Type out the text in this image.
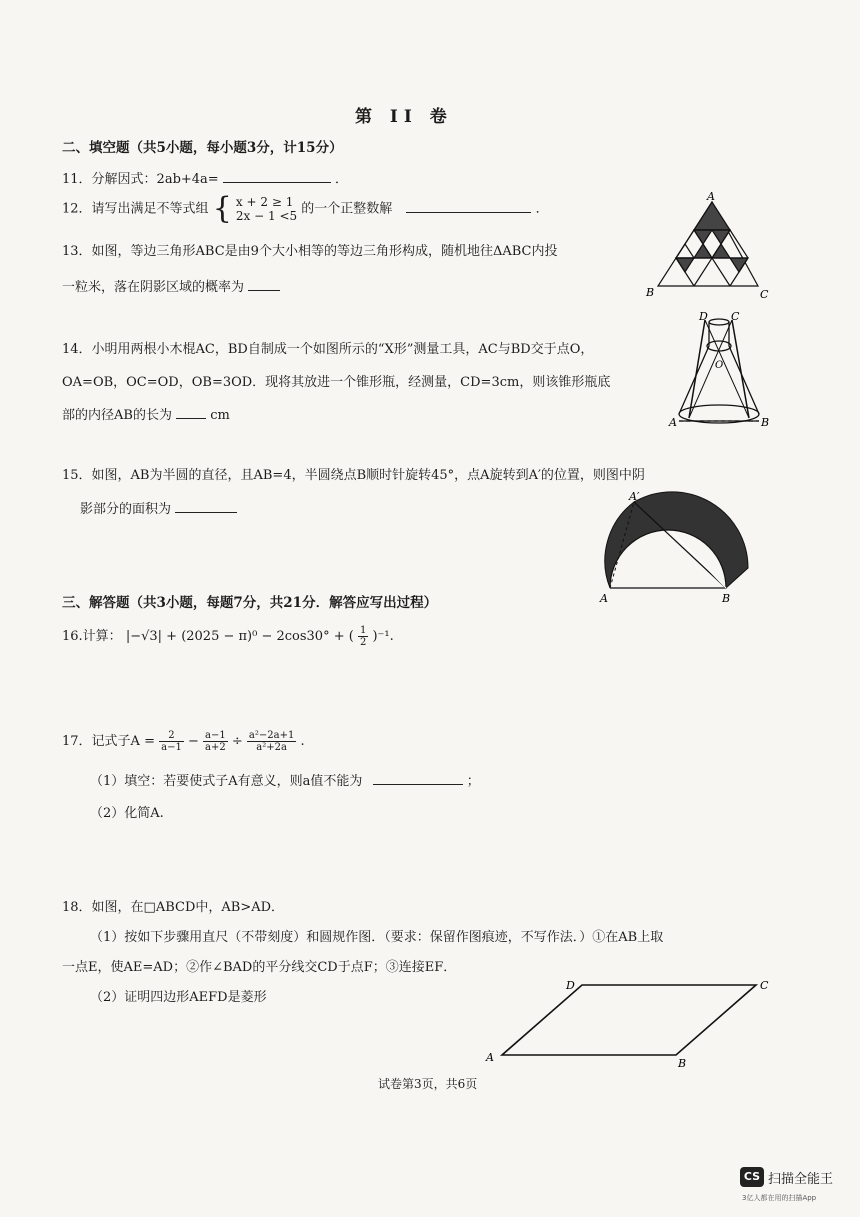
第 II 卷
二、填空题（共5小题，每小题3分，计15分）
11．分解因式：2ab+4a=	．
12．请写出满足不等式组 { x + 2 ≥ 1
2x − 1 <5 的一个正整数解	．
13．如图，等边三角形ABC是由9个大小相等的等边三角形构成，随机地往ΔABC内投
一粒米，落在阴影区域的概率为
A
B	C
14．小明用两根小木棍AC，BD自制成一个如图所示的“X形”测量工具，AC与BD交于点O，
OA=OB，OC=OD，OB=3OD．现将其放进一个锥形瓶，经测量，CD=3cm，则该锥形瓶底
部的内径AB的长为	cm
D C
O
A	B
15．如图，AB为半圆的直径，且AB=4，半圆绕点B顺时针旋转45°，点A旋转到A′的位置，则图中阴
影部分的面积为
A′
A	B
三、解答题（共3小题，每题7分，共21分．解答应写出过程）
16.计算： |−√3| + (2025 − π)⁰ − 2cos30° + ( $\frac{1}{2} )^{-1}$.
17．记式子$A = \frac{2}{a-1} - \frac{a-1}{a+2} \div \frac{\text{a²−2a+1}}{\text{a²+2a}}$ .
（1）填空：若要使式子A有意义，则a值不能为	；
（2）化简A.
18．如图，在□ABCD中，AB>AD．
（1）按如下步骤用直尺（不带刻度）和圆规作图．（要求：保留作图痕迹，不写作法．）①在AB上取
一点E，使AE=AD；②作∠BAD的平分线交CD于点F；③连接EF．
（2）证明四边形AEFD是菱形
A	B
C
D
试卷第3页，共6页
CS 扫描全能王
3亿人都在用的扫描App
